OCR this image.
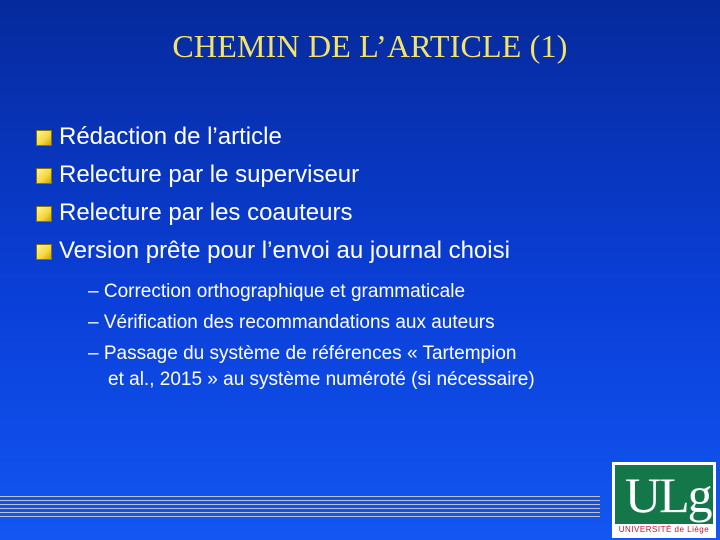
CHEMIN DE L’ARTICLE (1)
Rédaction de l’article
Relecture par le superviseur
Relecture par les coauteurs
Version prête pour l’envoi au journal choisi
– Correction orthographique et grammaticale
– Vérification des recommandations aux auteurs
– Passage du système de références « Tartempion
et al., 2015 » au système numéroté (si nécessaire)
ULg
UNIVERSITÉ de Liège
